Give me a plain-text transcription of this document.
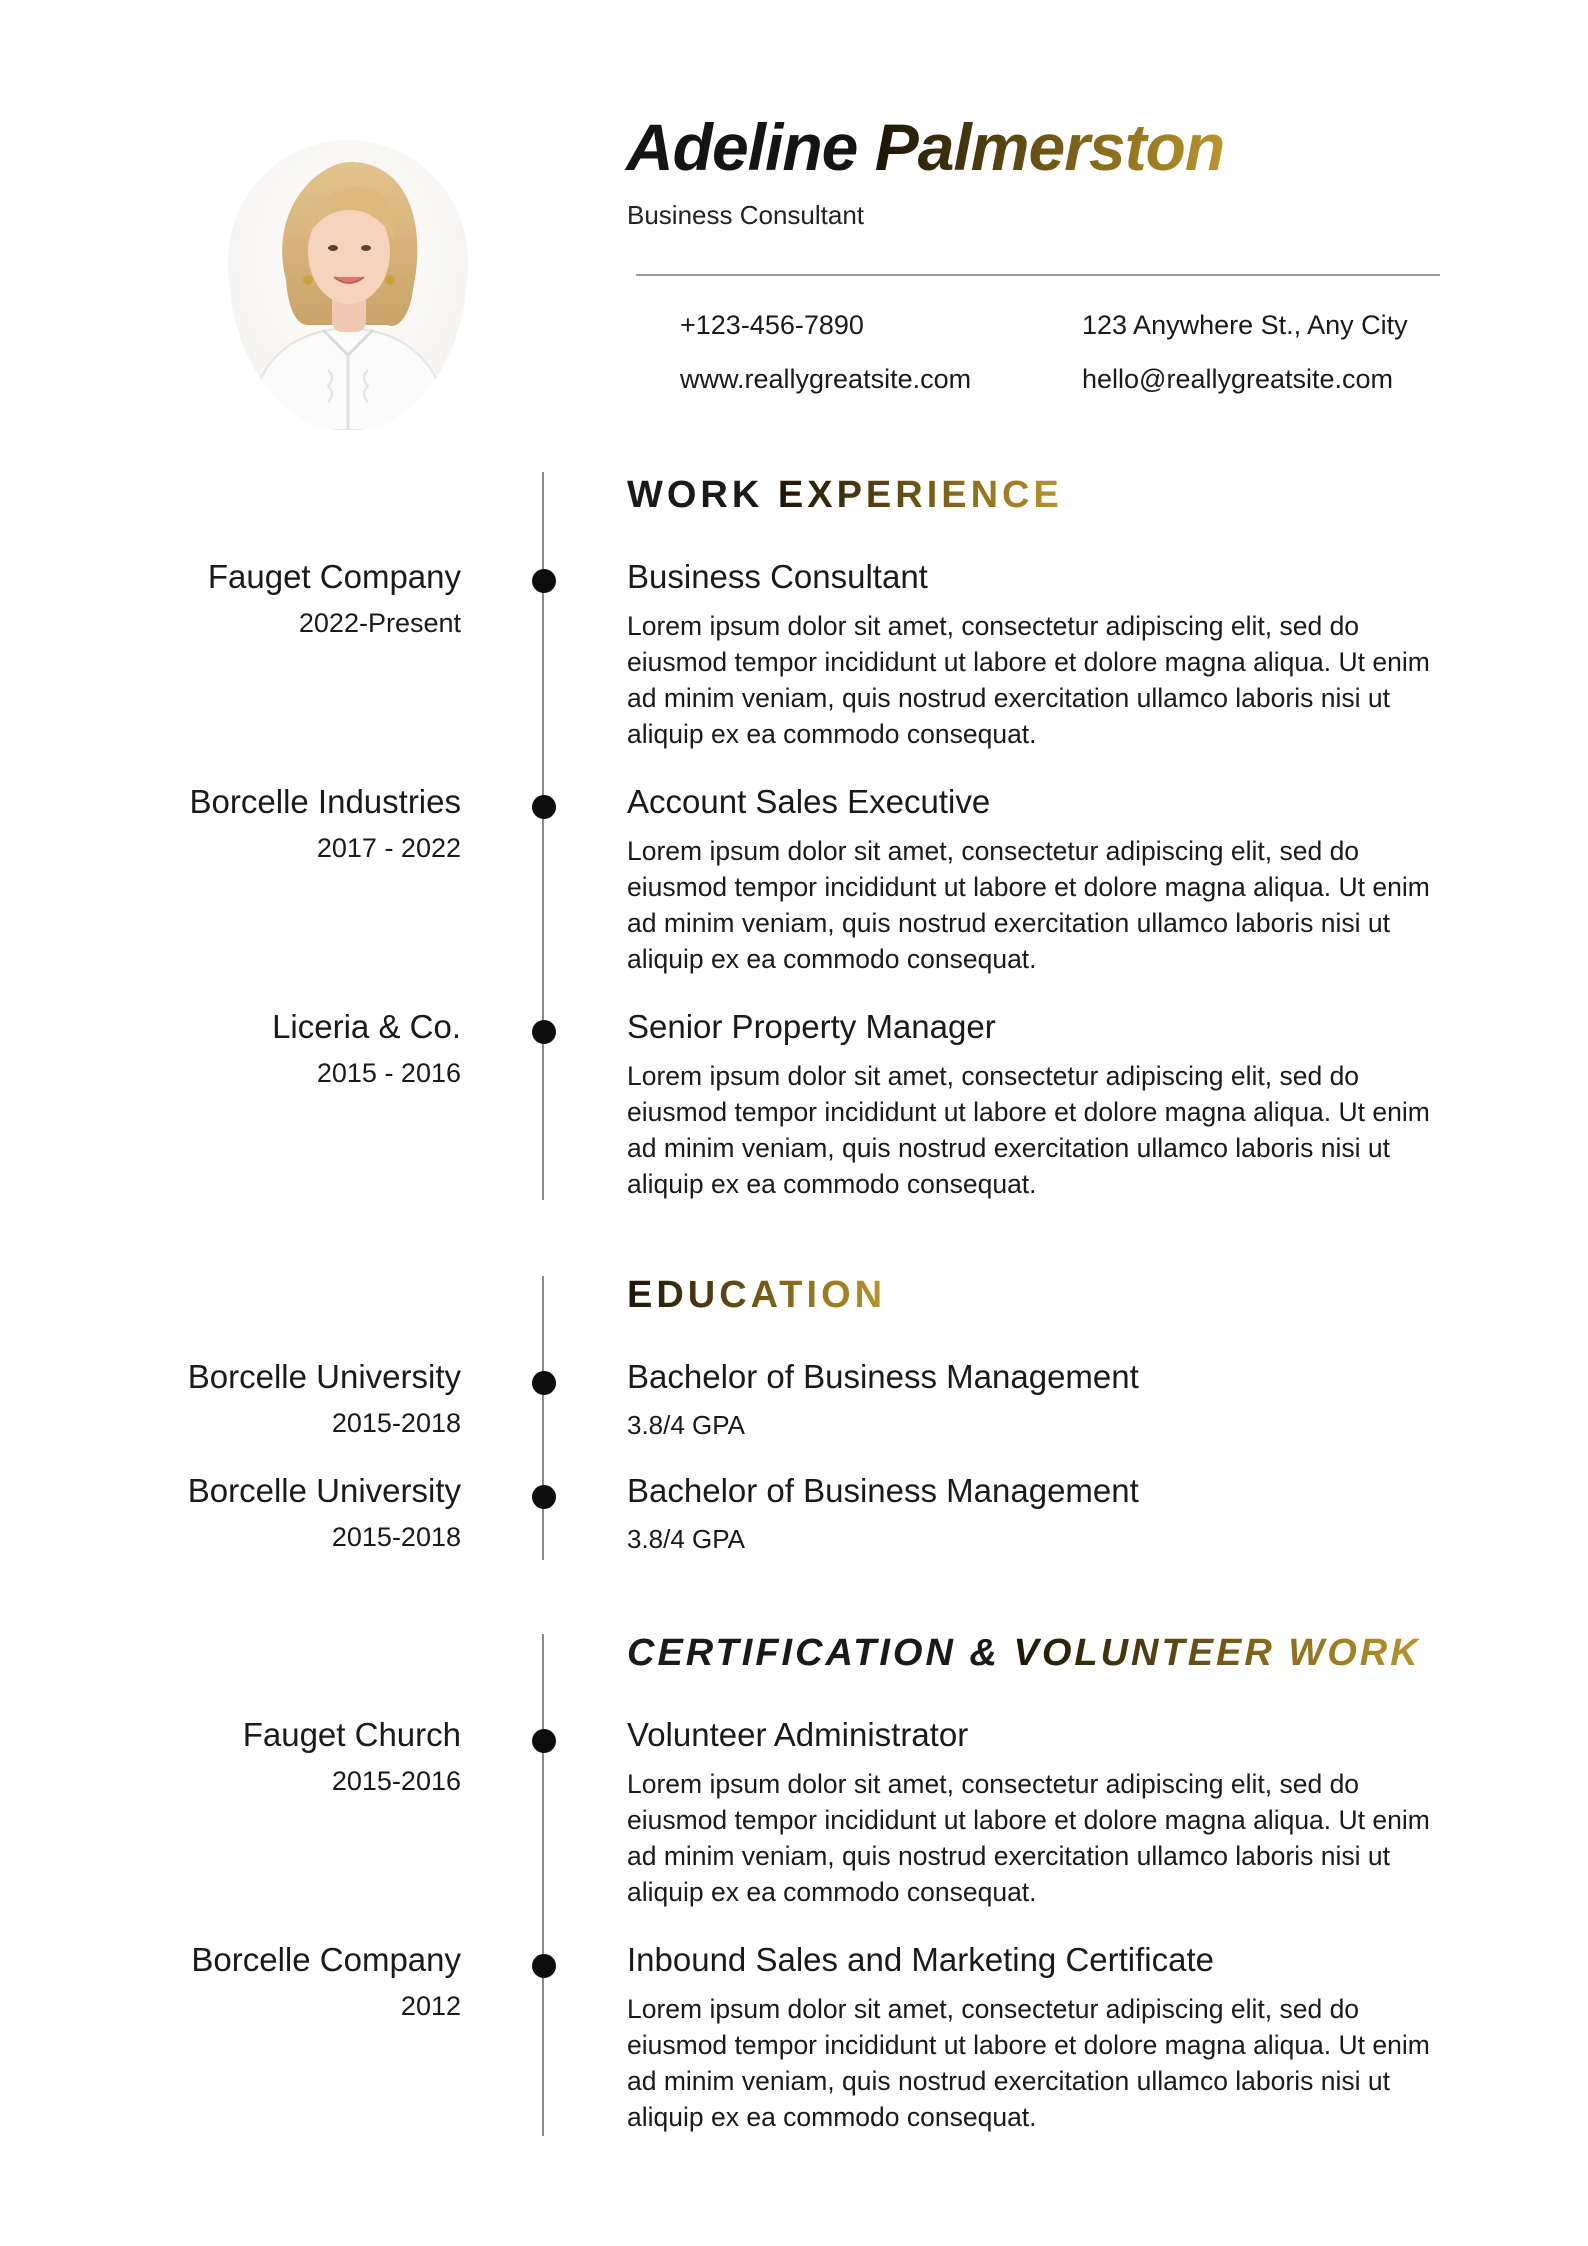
Adeline Palmerston
Business Consultant
+123-456-7890	123 Anywhere St., Any City
www.reallygreatsite.com	hello@reallygreatsite.com
WORK EXPERIENCE
Fauget Company
2022-Present
Business Consultant
Lorem ipsum dolor sit amet, consectetur adipiscing elit, sed do eiusmod tempor incididunt ut labore et dolore magna aliqua. Ut enim ad minim veniam, quis nostrud exercitation ullamco laboris nisi ut aliquip ex ea commodo consequat.
Borcelle Industries
2017 - 2022
Account Sales Executive
Lorem ipsum dolor sit amet, consectetur adipiscing elit, sed do eiusmod tempor incididunt ut labore et dolore magna aliqua. Ut enim ad minim veniam, quis nostrud exercitation ullamco laboris nisi ut aliquip ex ea commodo consequat.
Liceria & Co.
2015 - 2016
Senior Property Manager
Lorem ipsum dolor sit amet, consectetur adipiscing elit, sed do eiusmod tempor incididunt ut labore et dolore magna aliqua. Ut enim ad minim veniam, quis nostrud exercitation ullamco laboris nisi ut aliquip ex ea commodo consequat.
EDUCATION
Borcelle University
2015-2018
Bachelor of Business Management
3.8/4 GPA
Borcelle University
2015-2018
Bachelor of Business Management
3.8/4 GPA
CERTIFICATION & VOLUNTEER WORK
Fauget Church
2015-2016
Volunteer Administrator
Lorem ipsum dolor sit amet, consectetur adipiscing elit, sed do eiusmod tempor incididunt ut labore et dolore magna aliqua. Ut enim ad minim veniam, quis nostrud exercitation ullamco laboris nisi ut aliquip ex ea commodo consequat.
Borcelle Company
2012
Inbound Sales and Marketing Certificate
Lorem ipsum dolor sit amet, consectetur adipiscing elit, sed do eiusmod tempor incididunt ut labore et dolore magna aliqua. Ut enim ad minim veniam, quis nostrud exercitation ullamco laboris nisi ut aliquip ex ea commodo consequat.
